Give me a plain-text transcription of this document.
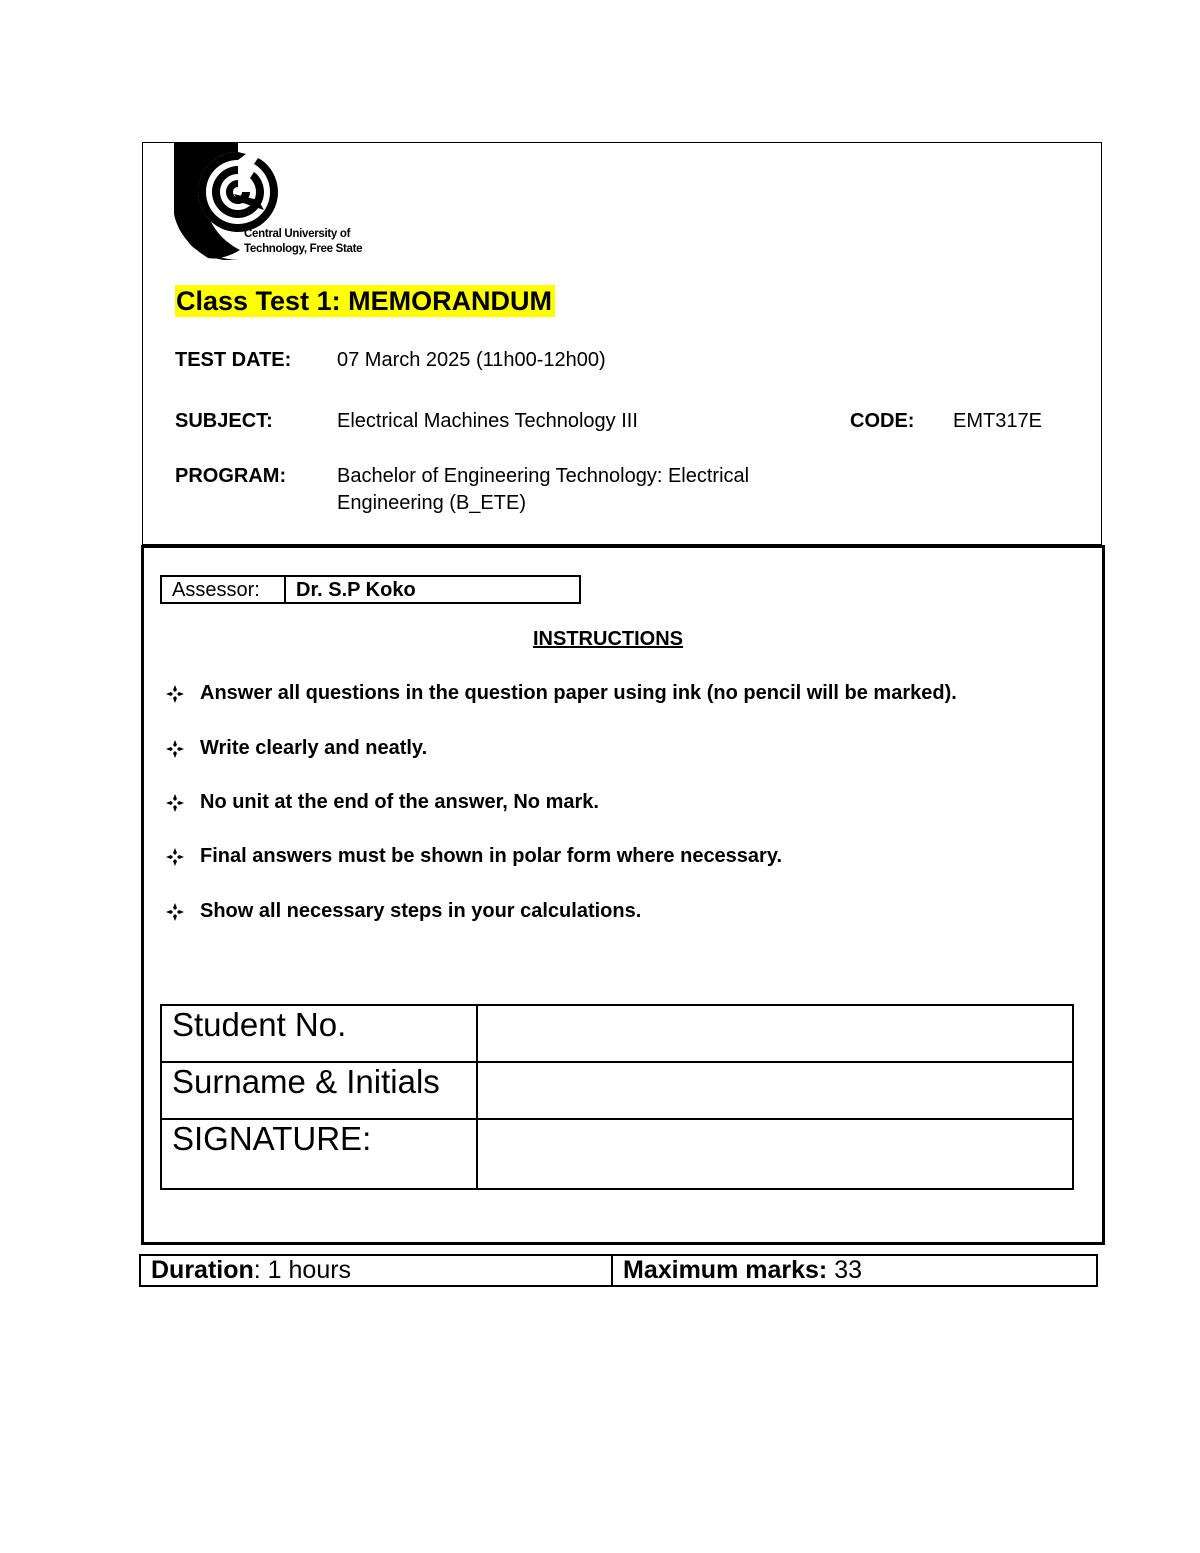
Central University of
Technology, Free State
Class Test 1: MEMORANDUM
TEST DATE: 07 March 2025 (11h00-12h00)
SUBJECT:	Electrical Machines Technology III	CODE: EMT317E
PROGRAM:	Bachelor of Engineering Technology: Electrical
Engineering (B_ETE)
Assessor:	Dr. S.P Koko
INSTRUCTIONS
Answer all questions in the question paper using ink (no pencil will be marked).
Write clearly and neatly.
No unit at the end of the answer, No mark.
Final answers must be shown in polar form where necessary.
Show all necessary steps in your calculations.
Student No.	
Surname & Initials	
SIGNATURE:	
Duration: 1 hours	Maximum marks: 33
